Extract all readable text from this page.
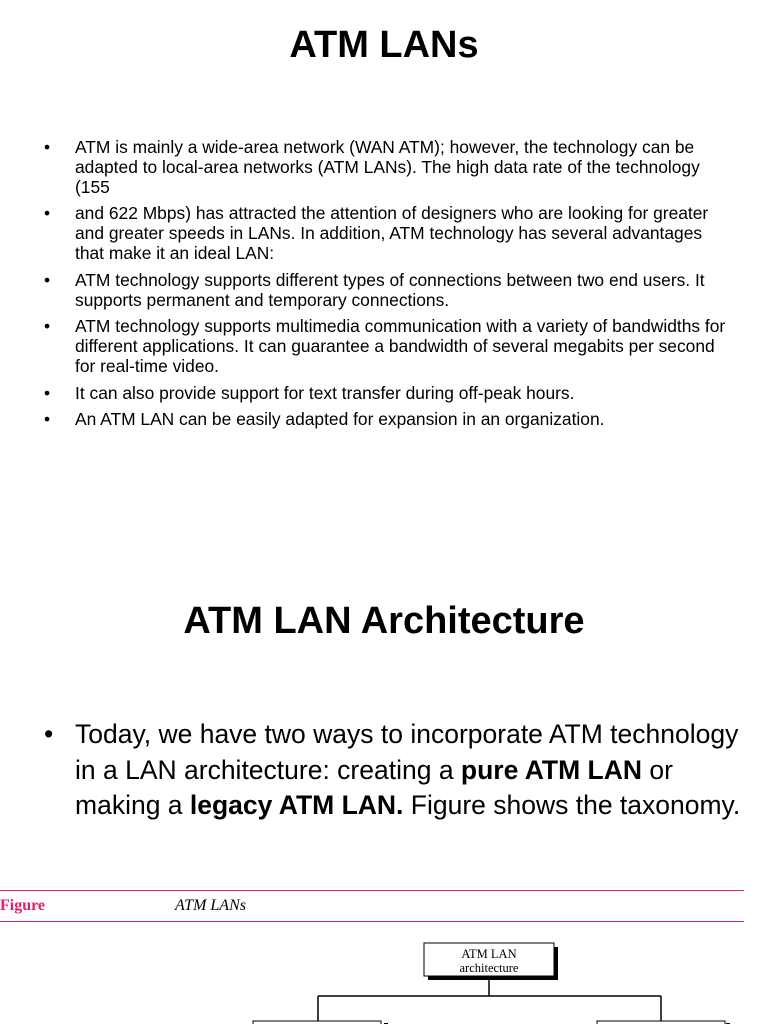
ATM LANs
• ATM is mainly a wide-area network (WAN ATM); however, the technology can be adapted to local-area networks (ATM LANs). The high data rate of the technology (155
• and 622 Mbps) has attracted the attention of designers who are looking for greater and greater speeds in LANs. In addition, ATM technology has several advantages that make it an ideal LAN:
• ATM technology supports different types of connections between two end users. It supports permanent and temporary connections.
• ATM technology supports multimedia communication with a variety of bandwidths for different applications. It can guarantee a bandwidth of several megabits per second for real-time video.
• It can also provide support for text transfer during off-peak hours.
• An ATM LAN can be easily adapted for expansion in an organization.
ATM LAN Architecture
• Today, we have two ways to incorporate ATM technology in a LAN architecture: creating a pure ATM LAN or making a legacy ATM LAN. Figure shows the taxonomy.
Figure	ATM LANs
ATM LAN
architecture
